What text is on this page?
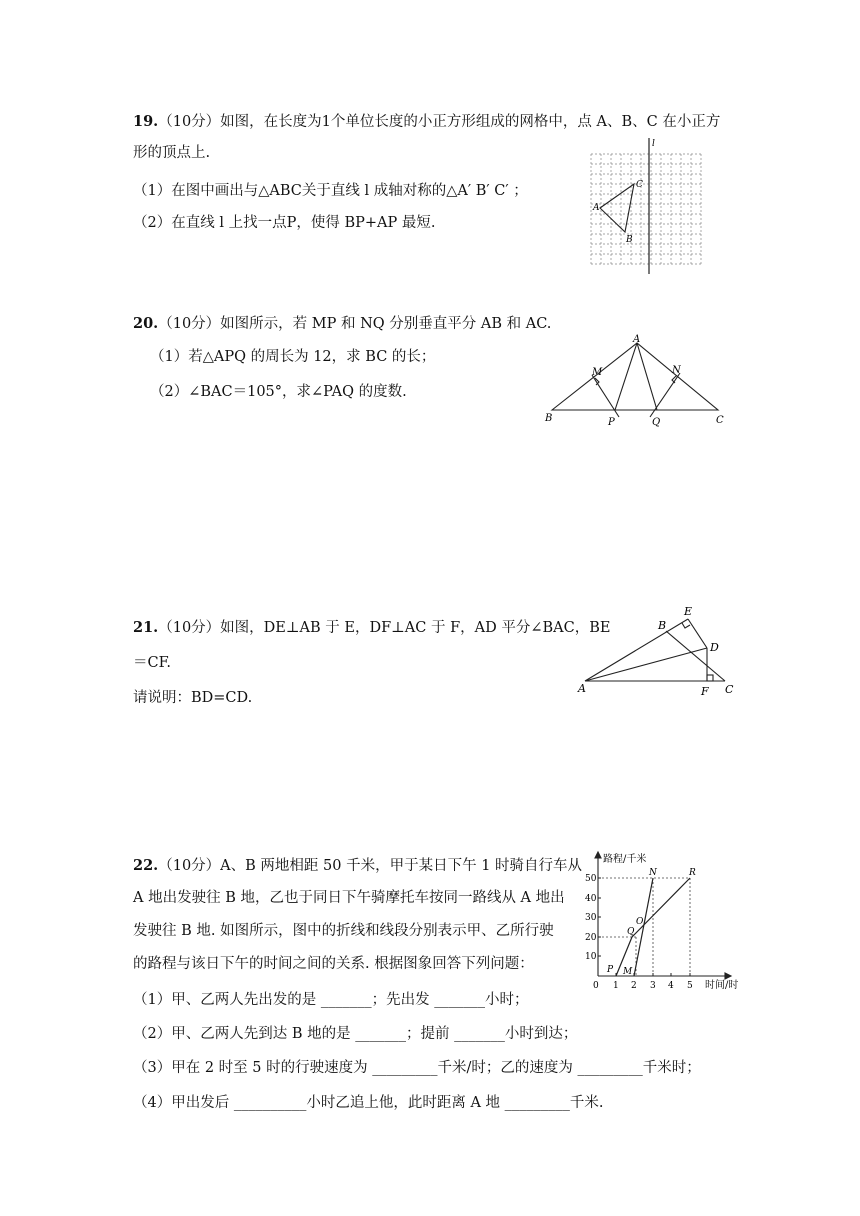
19.（10分）如图，在长度为1个单位长度的小正方形组成的网格中，点 A、B、C 在小正方
形的顶点上.
（1）在图中画出与△ABC关于直线 l 成轴对称的△A′ B′ C′ ；
（2）在直线 l 上找一点P，使得 BP+AP 最短.
l
A
B
C
20.（10分）如图所示，若 MP 和 NQ 分别垂直平分 AB 和 AC.
（1）若△APQ 的周长为 12，求 BC 的长；
（2）∠BAC＝105°，求∠PAQ 的度数.
A
B	C
M	N
P	Q
21.（10分）如图，DE⊥AB 于 E，DF⊥AC 于 F，AD 平分∠BAC，BE
＝CF.
请说明：BD=CD.
A
B
C
D
E
F
22.（10分）A、B 两地相距 50 千米，甲于某日下午 1 时骑自行车从
A 地出发驶往 B 地，乙也于同日下午骑摩托车按同一路线从 A 地出
发驶往 B 地. 如图所示，图中的折线和线段分别表示甲、乙所行驶
的路程与该日下午的时间之间的关系. 根据图象回答下列问题：
（1）甲、乙两人先出发的是 _______；先出发 _______小时；
（2）甲、乙两人先到达 B 地的是 _______；提前 _______小时到达；
（3）甲在 2 时至 5 时的行驶速度为 _________千米/时；乙的速度为 _________千米时；
（4）甲出发后 __________小时乙追上他，此时距离 A 地 _________千米.
路程/千米
时间/时
0 1 2 3 4 5
10
20
30
40
50
P M
Q
O
N	R
